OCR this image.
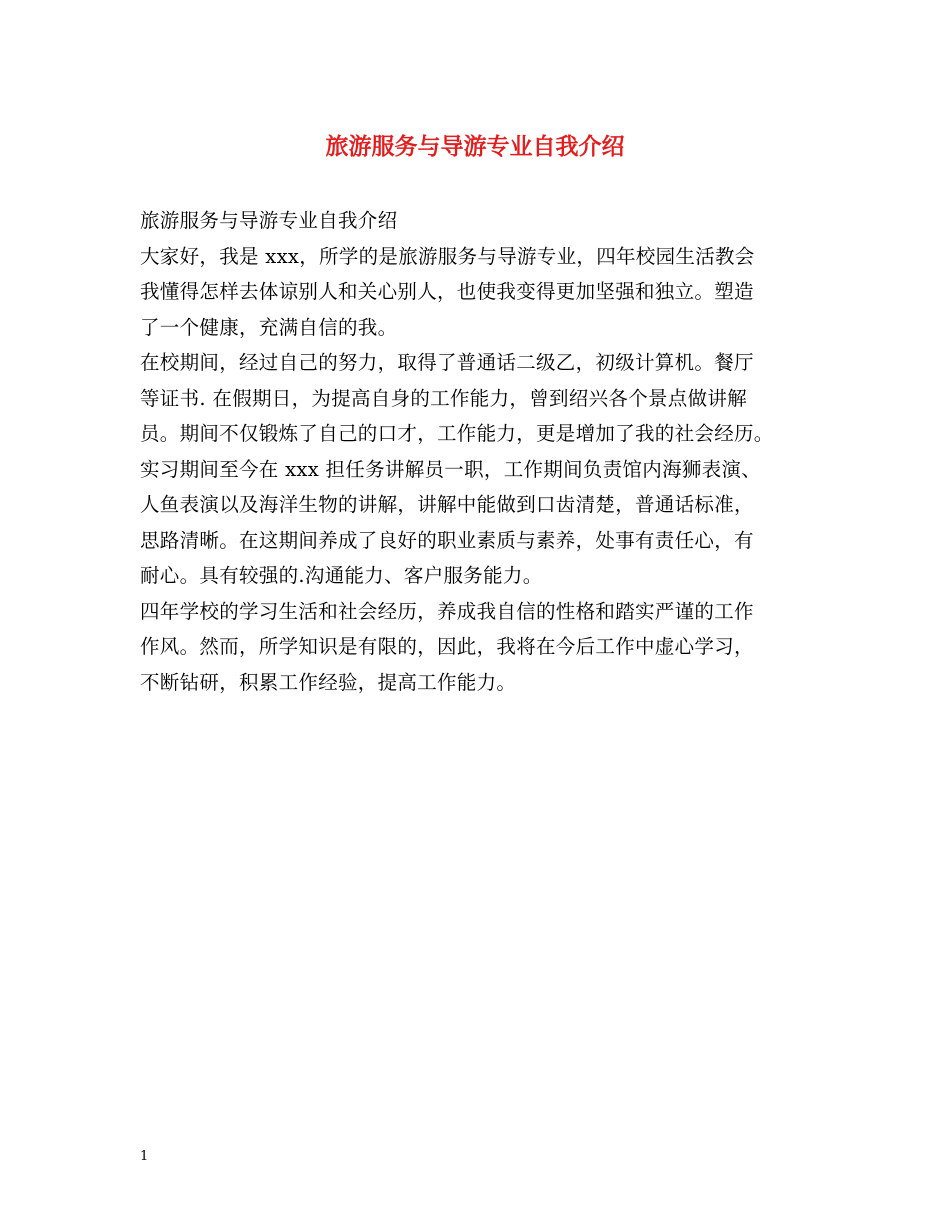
旅游服务与导游专业自我介绍
旅游服务与导游专业自我介绍
大家好，我是 xxx，所学的是旅游服务与导游专业，四年校园生活教会
我懂得怎样去体谅别人和关心别人，也使我变得更加坚强和独立。塑造
了一个健康，充满自信的我。
在校期间，经过自己的努力，取得了普通话二级乙，初级计算机。餐厅
等证书. 在假期日，为提高自身的工作能力，曾到绍兴各个景点做讲解
员。期间不仅锻炼了自己的口才，工作能力，更是增加了我的社会经历。
实习期间至今在 xxx 担任务讲解员一职，工作期间负责馆内海狮表演、
人鱼表演以及海洋生物的讲解，讲解中能做到口齿清楚，普通话标准，
思路清晰。在这期间养成了良好的职业素质与素养，处事有责任心，有
耐心。具有较强的.沟通能力、客户服务能力。
四年学校的学习生活和社会经历，养成我自信的性格和踏实严谨的工作
作风。然而，所学知识是有限的，因此，我将在今后工作中虚心学习，
不断钻研，积累工作经验，提高工作能力。
1
